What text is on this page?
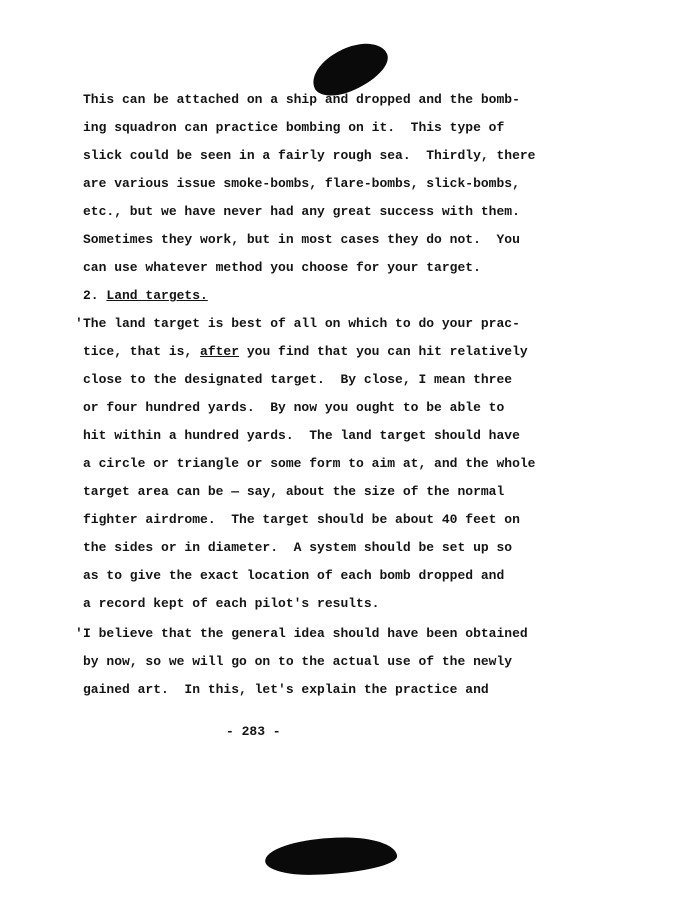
This can be attached on a ship and dropped and the bomb-
ing squadron can practice bombing on it.  This type of
slick could be seen in a fairly rough sea.  Thirdly, there
are various issue smoke-bombs, flare-bombs, slick-bombs,
etc., but we have never had any great success with them.
Sometimes they work, but in most cases they do not.  You
can use whatever method you choose for your target.
2. Land targets.
' The land target is best of all on which to do your prac-
tice, that is, after you find that you can hit relatively
close to the designated target.  By close, I mean three
or four hundred yards.  By now you ought to be able to
hit within a hundred yards.  The land target should have
a circle or triangle or some form to aim at, and the whole
target area can be — say, about the size of the normal
fighter airdrome.  The target should be about 40 feet on
the sides or in diameter.  A system should be set up so
as to give the exact location of each bomb dropped and
a record kept of each pilot's results.
' I believe that the general idea should have been obtained
by now, so we will go on to the actual use of the newly
gained art.  In this, let's explain the practice and
- 283 -
